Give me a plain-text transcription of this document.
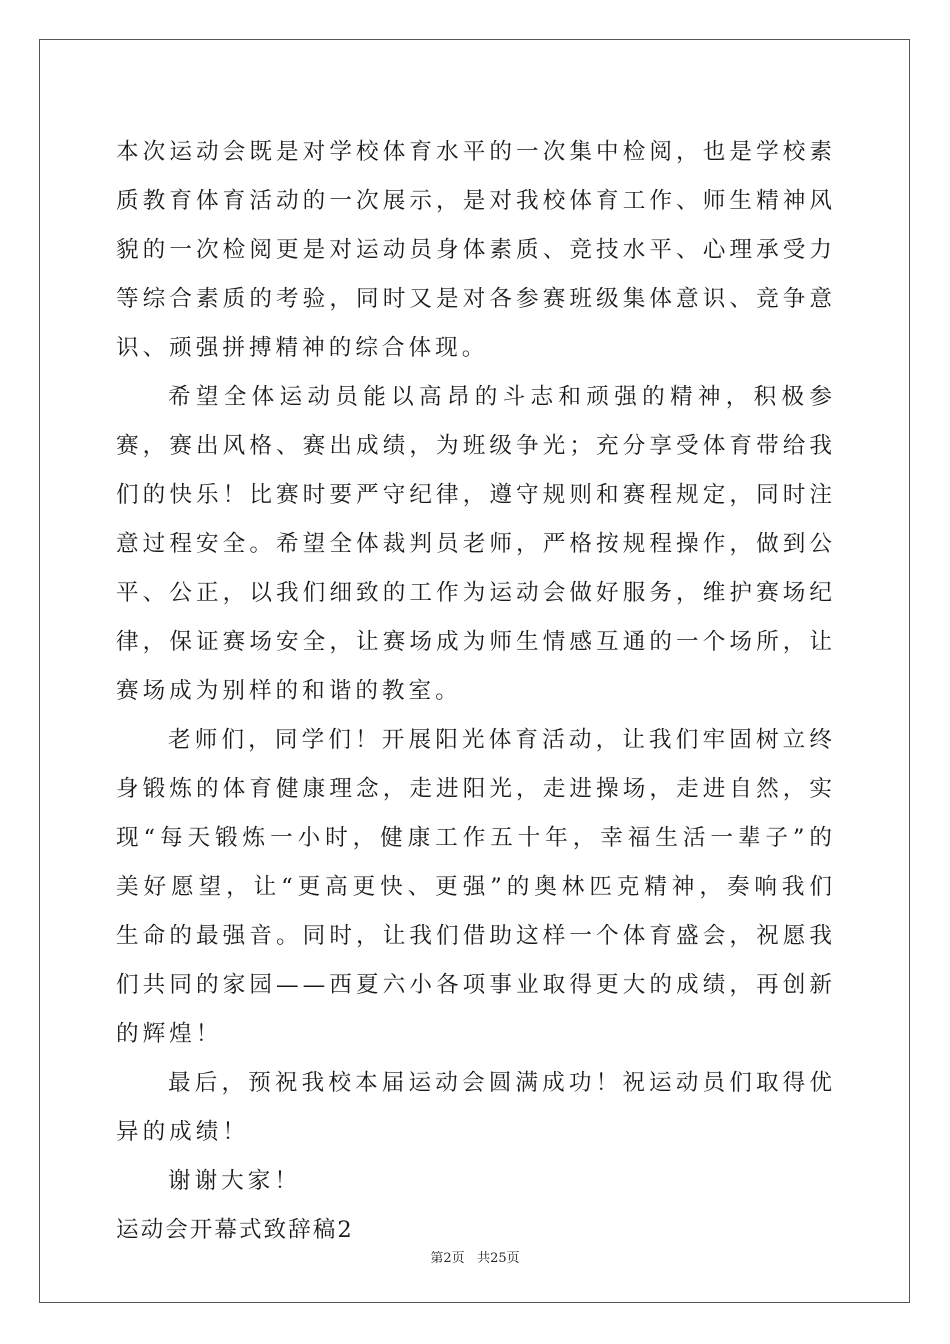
本次运动会既是对学校体育水平的一次集中检阅，也是学校素质教育体育活动的一次展示，是对我校体育工作、师生精神风貌的一次检阅更是对运动员身体素质、竞技水平、心理承受力等综合素质的考验，同时又是对各参赛班级集体意识、竞争意识、顽强拼搏精神的综合体现。

希望全体运动员能以高昂的斗志和顽强的精神，积极参赛，赛出风格、赛出成绩，为班级争光；充分享受体育带给我们的快乐！比赛时要严守纪律，遵守规则和赛程规定，同时注意过程安全。希望全体裁判员老师，严格按规程操作，做到公平、公正，以我们细致的工作为运动会做好服务，维护赛场纪律，保证赛场安全，让赛场成为师生情感互通的一个场所，让赛场成为别样的和谐的教室。

老师们，同学们！开展阳光体育活动，让我们牢固树立终身锻炼的体育健康理念，走进阳光，走进操场，走进自然，实现“每天锻炼一小时，健康工作五十年，幸福生活一辈子”的美好愿望，让“更高更快、更强”的奥林匹克精神，奏响我们生命的最强音。同时，让我们借助这样一个体育盛会，祝愿我们共同的家园——西夏六小各项事业取得更大的成绩，再创新的辉煌！

最后，预祝我校本届运动会圆满成功！祝运动员们取得优异的成绩！

谢谢大家！

运动会开幕式致辞稿2

第2页 共25页
